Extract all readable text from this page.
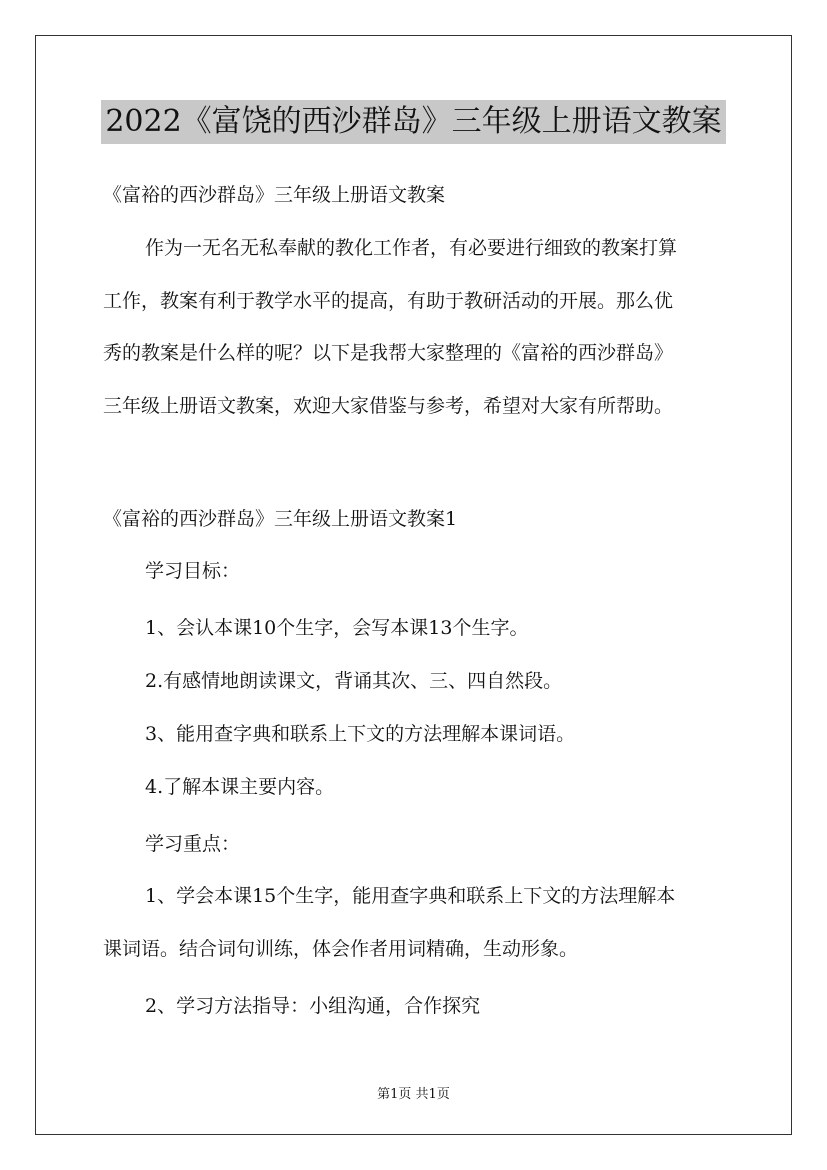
2022《富饶的西沙群岛》三年级上册语文教案
《富裕的西沙群岛》三年级上册语文教案
作为一无名无私奉献的教化工作者，有必要进行细致的教案打算
工作，教案有利于教学水平的提高，有助于教研活动的开展。那么优
秀的教案是什么样的呢？以下是我帮大家整理的《富裕的西沙群岛》
三年级上册语文教案，欢迎大家借鉴与参考，希望对大家有所帮助。
《富裕的西沙群岛》三年级上册语文教案1
学习目标：
1、会认本课10个生字，会写本课13个生字。
2.有感情地朗读课文，背诵其次、三、四自然段。
3、能用查字典和联系上下文的方法理解本课词语。
4.了解本课主要内容。
学习重点：
1、学会本课15个生字，能用查字典和联系上下文的方法理解本
课词语。结合词句训练，体会作者用词精确，生动形象。
2、学习方法指导：小组沟通，合作探究
第1页 共1页
